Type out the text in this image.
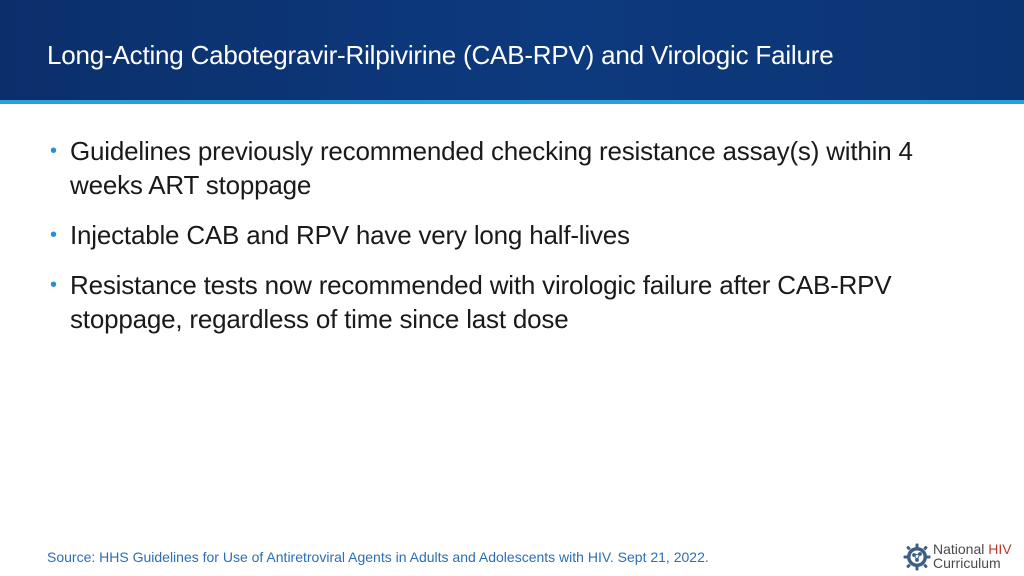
Long-Acting Cabotegravir-Rilpivirine (CAB-RPV) and Virologic Failure
• Guidelines previously recommended checking resistance assay(s) within 4 weeks ART stoppage
• Injectable CAB and RPV have very long half-lives
• Resistance tests now recommended with virologic failure after CAB-RPV stoppage, regardless of time since last dose

Source: HHS Guidelines for Use of Antiretroviral Agents in Adults and Adolescents with HIV. Sept 21, 2022.	National HIV
Curriculum
